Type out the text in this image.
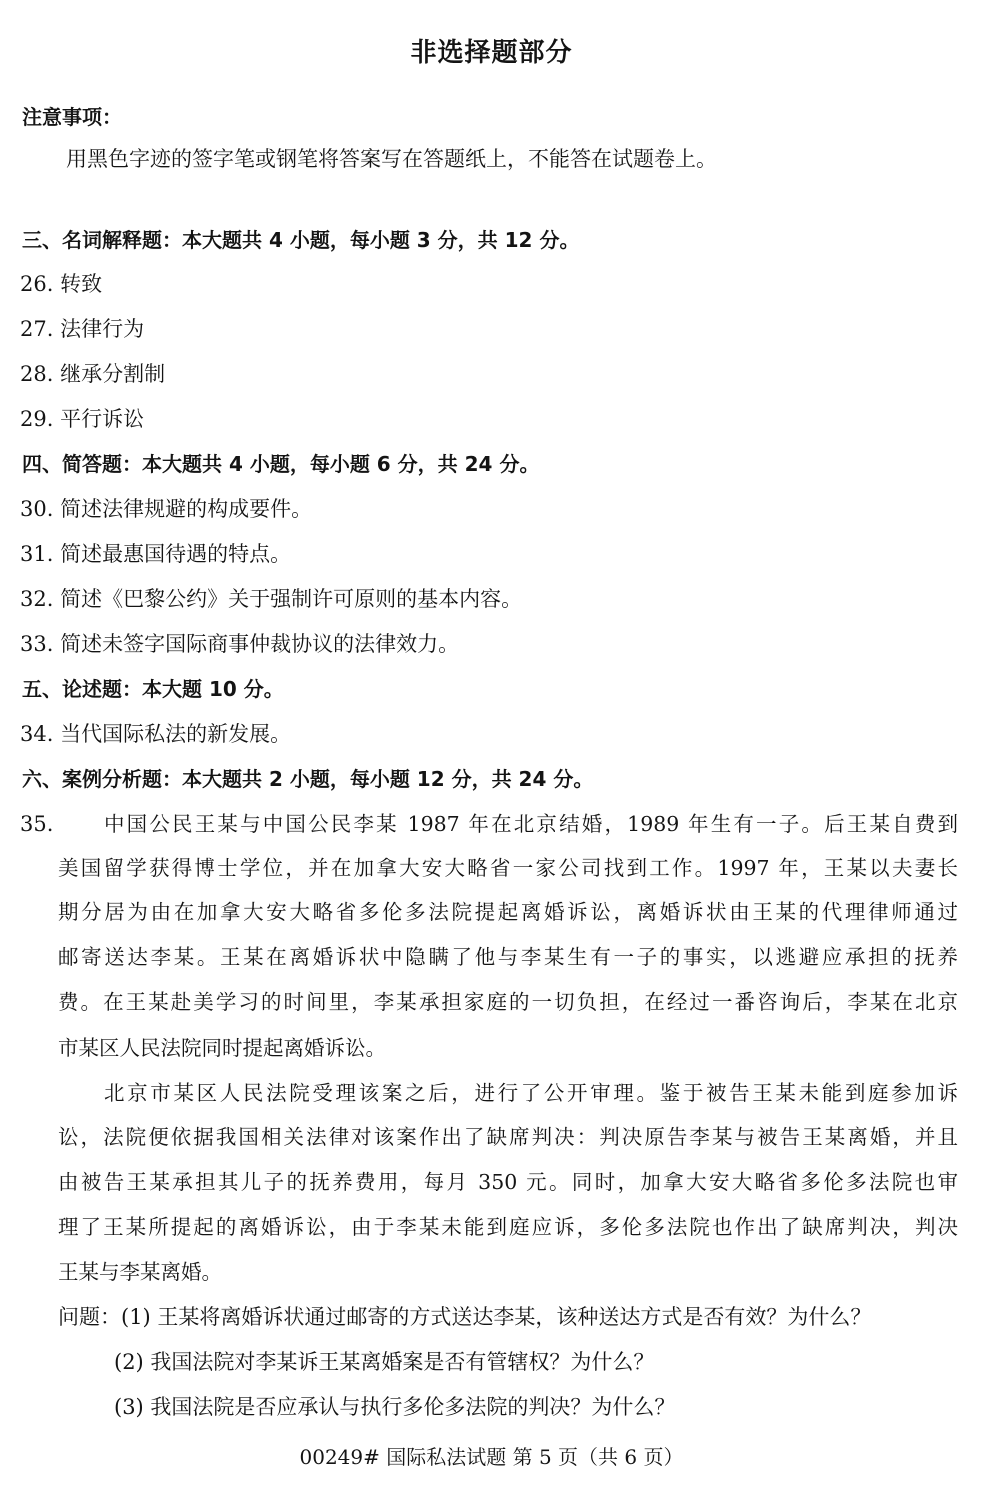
非选择题部分
注意事项：
用黑色字迹的签字笔或钢笔将答案写在答题纸上，不能答在试题卷上。
三、名词解释题：本大题共 4 小题，每小题 3 分，共 12 分。
26. 转致
27. 法律行为
28. 继承分割制
29. 平行诉讼
四、简答题：本大题共 4 小题，每小题 6 分，共 24 分。
30. 简述法律规避的构成要件。
31. 简述最惠国待遇的特点。
32. 简述《巴黎公约》关于强制许可原则的基本内容。
33. 简述未签字国际商事仲裁协议的法律效力。
五、论述题：本大题 10 分。
34. 当代国际私法的新发展。
六、案例分析题：本大题共 2 小题，每小题 12 分，共 24 分。
35. 中国公民王某与中国公民李某 1987 年在北京结婚，1989 年生有一子。后王某自费到
美国留学获得博士学位，并在加拿大安大略省一家公司找到工作。1997 年，王某以夫妻长
期分居为由在加拿大安大略省多伦多法院提起离婚诉讼，离婚诉状由王某的代理律师通过
邮寄送达李某。王某在离婚诉状中隐瞒了他与李某生有一子的事实，以逃避应承担的抚养
费。在王某赴美学习的时间里，李某承担家庭的一切负担，在经过一番咨询后，李某在北京
市某区人民法院同时提起离婚诉讼。
北京市某区人民法院受理该案之后，进行了公开审理。鉴于被告王某未能到庭参加诉
讼，法院便依据我国相关法律对该案作出了缺席判决：判决原告李某与被告王某离婚，并且
由被告王某承担其儿子的抚养费用，每月 350 元。同时，加拿大安大略省多伦多法院也审
理了王某所提起的离婚诉讼，由于李某未能到庭应诉，多伦多法院也作出了缺席判决，判决
王某与李某离婚。
问题：(1) 王某将离婚诉状通过邮寄的方式送达李某，该种送达方式是否有效？为什么？
(2) 我国法院对李某诉王某离婚案是否有管辖权？为什么？
(3) 我国法院是否应承认与执行多伦多法院的判决？为什么？
00249# 国际私法试题 第 5 页（共 6 页）
